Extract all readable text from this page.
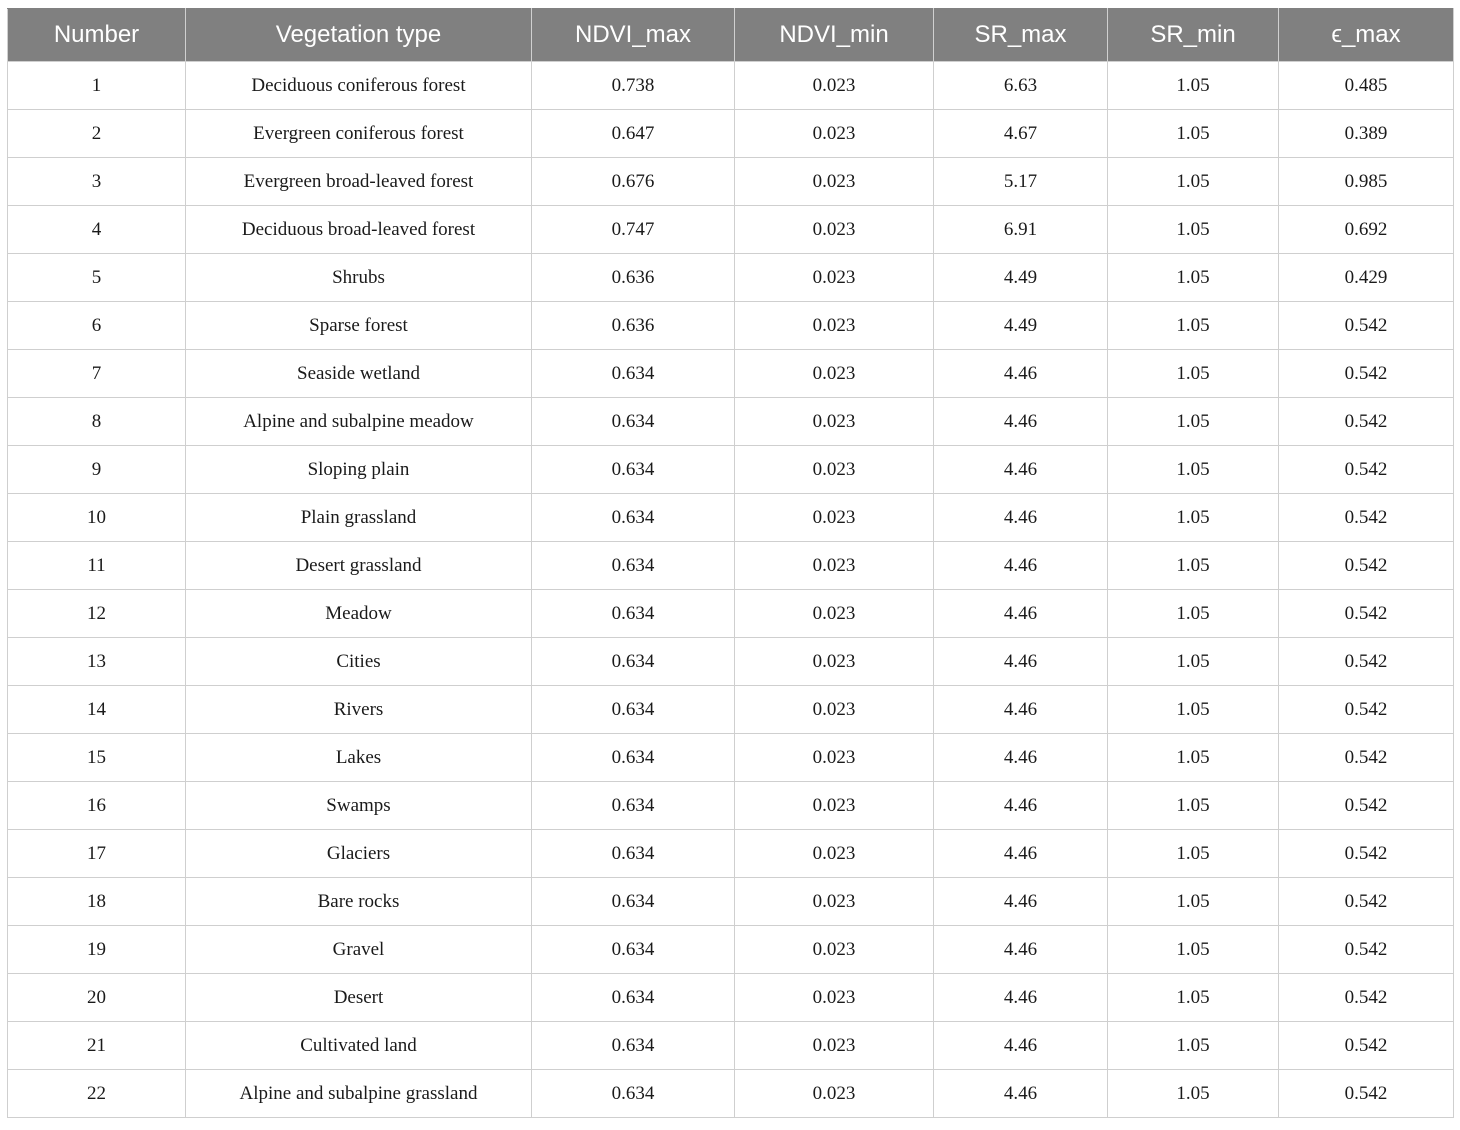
Number	Vegetation type	NDVI_max	NDVI_min	SR_max	SR_min	ϵ_max
1	Deciduous coniferous forest	0.738	0.023	6.63	1.05	0.485
2	Evergreen coniferous forest	0.647	0.023	4.67	1.05	0.389
3	Evergreen broad-leaved forest	0.676	0.023	5.17	1.05	0.985
4	Deciduous broad-leaved forest	0.747	0.023	6.91	1.05	0.692
5	Shrubs	0.636	0.023	4.49	1.05	0.429
6	Sparse forest	0.636	0.023	4.49	1.05	0.542
7	Seaside wetland	0.634	0.023	4.46	1.05	0.542
8	Alpine and subalpine meadow	0.634	0.023	4.46	1.05	0.542
9	Sloping plain	0.634	0.023	4.46	1.05	0.542
10	Plain grassland	0.634	0.023	4.46	1.05	0.542
11	Desert grassland	0.634	0.023	4.46	1.05	0.542
12	Meadow	0.634	0.023	4.46	1.05	0.542
13	Cities	0.634	0.023	4.46	1.05	0.542
14	Rivers	0.634	0.023	4.46	1.05	0.542
15	Lakes	0.634	0.023	4.46	1.05	0.542
16	Swamps	0.634	0.023	4.46	1.05	0.542
17	Glaciers	0.634	0.023	4.46	1.05	0.542
18	Bare rocks	0.634	0.023	4.46	1.05	0.542
19	Gravel	0.634	0.023	4.46	1.05	0.542
20	Desert	0.634	0.023	4.46	1.05	0.542
21	Cultivated land	0.634	0.023	4.46	1.05	0.542
22	Alpine and subalpine grassland	0.634	0.023	4.46	1.05	0.542
